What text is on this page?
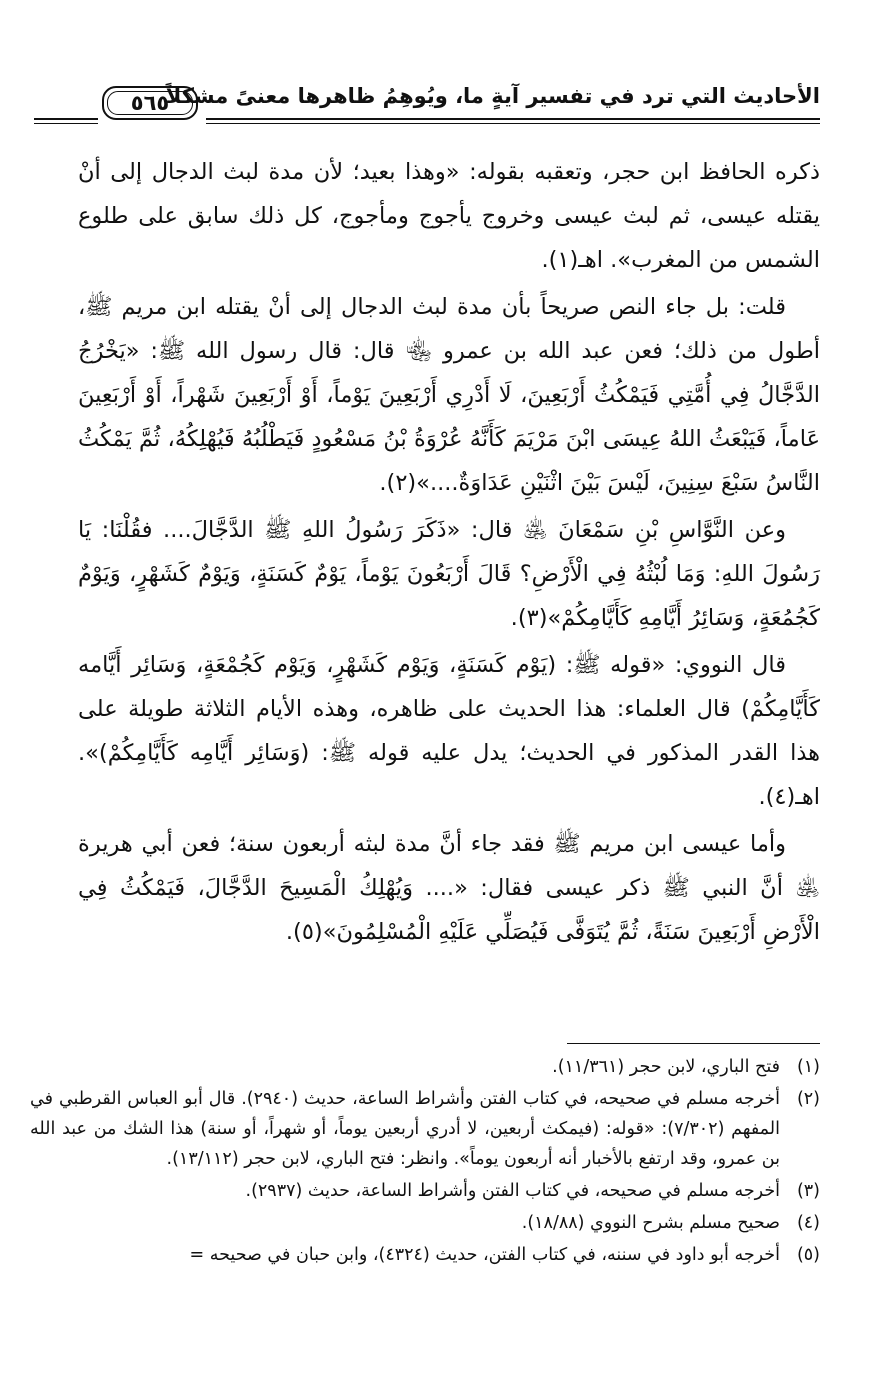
الأحاديث التي ترد في تفسير آيةٍ ما، ويُوهِمُ ظاهرها معنىً مشكلاً
٥٦٥

ذكره الحافظ ابن حجر، وتعقبه بقوله: «وهذا بعيد؛ لأن مدة لبث الدجال إلى أنْ يقتله عيسى، ثم لبث عيسى وخروج يأجوج ومأجوج، كل ذلك سابق على طلوع الشمس من المغرب». اهـ(١).

قلت: بل جاء النص صريحاً بأن مدة لبث الدجال إلى أنْ يقتله ابن مريم ﷺ، أطول من ذلك؛ فعن عبد الله بن عمرو ﵄ قال: قال رسول الله ﷺ: «يَخْرُجُ الدَّجَّالُ فِي أُمَّتِي فَيَمْكُثُ أَرْبَعِينَ، لَا أَدْرِي أَرْبَعِينَ يَوْماً، أَوْ أَرْبَعِينَ شَهْراً، أَوْ أَرْبَعِينَ عَاماً، فَيَبْعَثُ اللهُ عِيسَى ابْنَ مَرْيَمَ كَأَنَّهُ عُرْوَةُ بْنُ مَسْعُودٍ فَيَطْلُبُهُ فَيُهْلِكُهُ، ثُمَّ يَمْكُثُ النَّاسُ سَبْعَ سِنِينَ، لَيْسَ بَيْنَ اثْنَيْنِ عَدَاوَةٌ....»(٢).

وعن النَّوَّاسِ بْنِ سَمْعَانَ ﵁ قال: «ذَكَرَ رَسُولُ اللهِ ﷺ الدَّجَّالَ.... فقُلْنَا: يَا رَسُولَ اللهِ: وَمَا لُبْثُهُ فِي الْأَرْضِ؟ قَالَ أَرْبَعُونَ يَوْماً، يَوْمٌ كَسَنَةٍ، وَيَوْمٌ كَشَهْرٍ، وَيَوْمٌ كَجُمُعَةٍ، وَسَائِرُ أَيَّامِهِ كَأَيَّامِكُمْ»(٣).

قال النووي: «قوله ﷺ: (يَوْم كَسَنَةٍ، وَيَوْم كَشَهْرٍ، وَيَوْم كَجُمْعَةٍ، وَسَائِر أَيَّامه كَأَيَّامِكُمْ) قال العلماء: هذا الحديث على ظاهره، وهذه الأيام الثلاثة طويلة على هذا القدر المذكور في الحديث؛ يدل عليه قوله ﷺ: (وَسَائِر أَيَّامِه كَأَيَّامِكُمْ)». اهـ(٤).

وأما عيسى ابن مريم ﷺ فقد جاء أنَّ مدة لبثه أربعون سنة؛ فعن أبي هريرة ﵁ أنَّ النبي ﷺ ذكر عيسى فقال: «.... وَيُهْلِكُ الْمَسِيحَ الدَّجَّالَ، فَيَمْكُثُ فِي الْأَرْضِ أَرْبَعِينَ سَنَةً، ثُمَّ يُتَوَفَّى فَيُصَلِّي عَلَيْهِ الْمُسْلِمُونَ»(٥).

(١)
فتح الباري، لابن حجر (١١/٣٦١).
(٢)
أخرجه مسلم في صحيحه، في كتاب الفتن وأشراط الساعة، حديث (٢٩٤٠). قال أبو العباس القرطبي في المفهم (٧/٣٠٢): «قوله: (فيمكث أربعين، لا أدري أربعين يوماً، أو شهراً، أو سنة) هذا الشك من عبد الله بن عمرو، وقد ارتفع بالأخبار أنه أربعون يوماً». وانظر: فتح الباري، لابن حجر (١٣/١١٢).
(٣)
أخرجه مسلم في صحيحه، في كتاب الفتن وأشراط الساعة، حديث (٢٩٣٧).
(٤)
صحيح مسلم بشرح النووي (١٨/٨٨).
(٥)
أخرجه أبو داود في سننه، في كتاب الفتن، حديث (٤٣٢٤)، وابن حبان في صحيحه =
